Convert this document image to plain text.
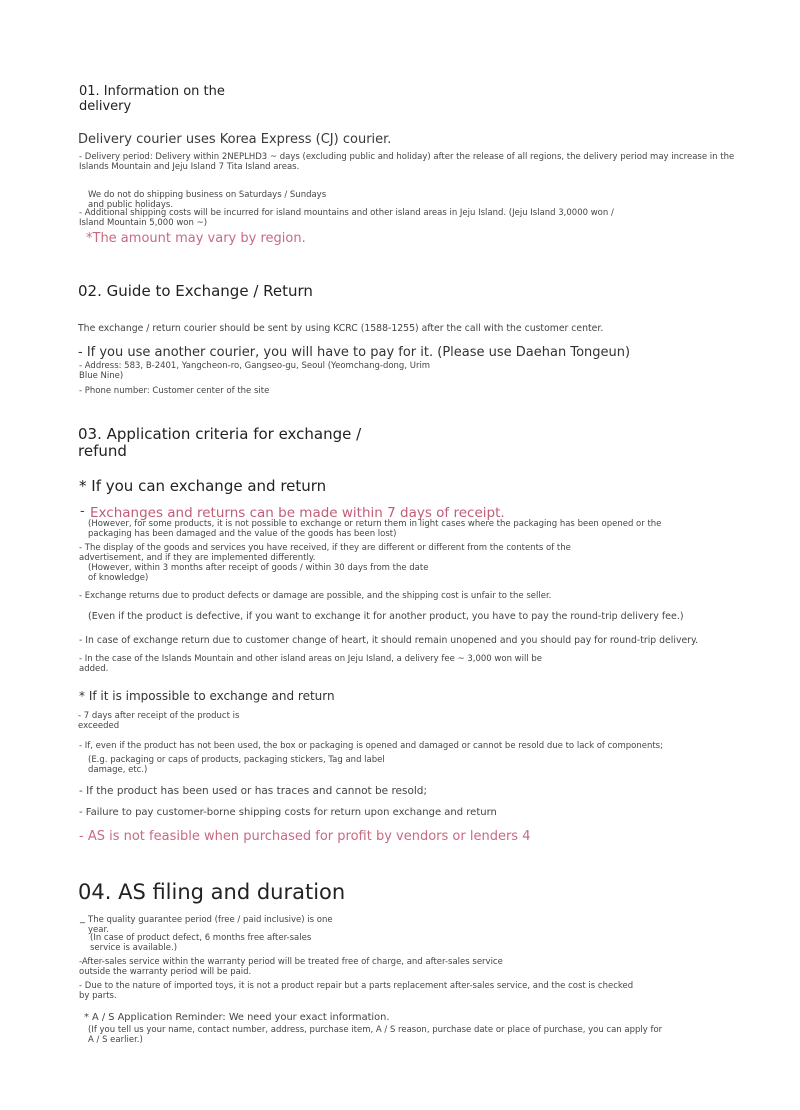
01. Information on the
delivery
Delivery courier uses Korea Express (CJ) courier.
- Delivery period: Delivery within 2NEPLHD3 ~ days (excluding public and holiday) after the release of all regions, the delivery period may increase in the
Islands Mountain and Jeju Island 7 Tita Island areas.
We do not do shipping business on Saturdays / Sundays
and public holidays.
- Additional shipping costs will be incurred for island mountains and other island areas in Jeju Island. (Jeju Island 3,0000 won /
Island Mountain 5,000 won ~)
*The amount may vary by region.
02. Guide to Exchange / Return
The exchange / return courier should be sent by using KCRC (1588-1255) after the call with the customer center.
- If you use another courier, you will have to pay for it. (Please use Daehan Tongeun)
- Address: 583, B-2401, Yangcheon-ro, Gangseo-gu, Seoul (Yeomchang-dong, Urim
Blue Nine)
- Phone number: Customer center of the site
03. Application criteria for exchange /
refund
* If you can exchange and return
- Exchanges and returns can be made within 7 days of receipt.
(However, for some products, it is not possible to exchange or return them in light cases where the packaging has been opened or the
packaging has been damaged and the value of the goods has been lost)
- The display of the goods and services you have received, if they are different or different from the contents of the
advertisement, and if they are implemented differently.
(However, within 3 months after receipt of goods / within 30 days from the date
of knowledge)
- Exchange returns due to product defects or damage are possible, and the shipping cost is unfair to the seller.
(Even if the product is defective, if you want to exchange it for another product, you have to pay the round-trip delivery fee.)
- In case of exchange return due to customer change of heart, it should remain unopened and you should pay for round-trip delivery.
- In the case of the Islands Mountain and other island areas on Jeju Island, a delivery fee ~ 3,000 won will be
added.
* If it is impossible to exchange and return
- 7 days after receipt of the product is
exceeded
- If, even if the product has not been used, the box or packaging is opened and damaged or cannot be resold due to lack of components;
(E.g. packaging or caps of products, packaging stickers, Tag and label
damage, etc.)
- If the product has been used or has traces and cannot be resold;
- Failure to pay customer-borne shipping costs for return upon exchange and return
- AS is not feasible when purchased for profit by vendors or lenders 4
04. AS filing and duration
_ The quality guarantee period (free / paid inclusive) is one
year.
(In case of product defect, 6 months free after-sales
service is available.)
-After-sales service within the warranty period will be treated free of charge, and after-sales service
outside the warranty period will be paid.
- Due to the nature of imported toys, it is not a product repair but a parts replacement after-sales service, and the cost is checked
by parts.
* A / S Application Reminder: We need your exact information.
(If you tell us your name, contact number, address, purchase item, A / S reason, purchase date or place of purchase, you can apply for
A / S earlier.)
